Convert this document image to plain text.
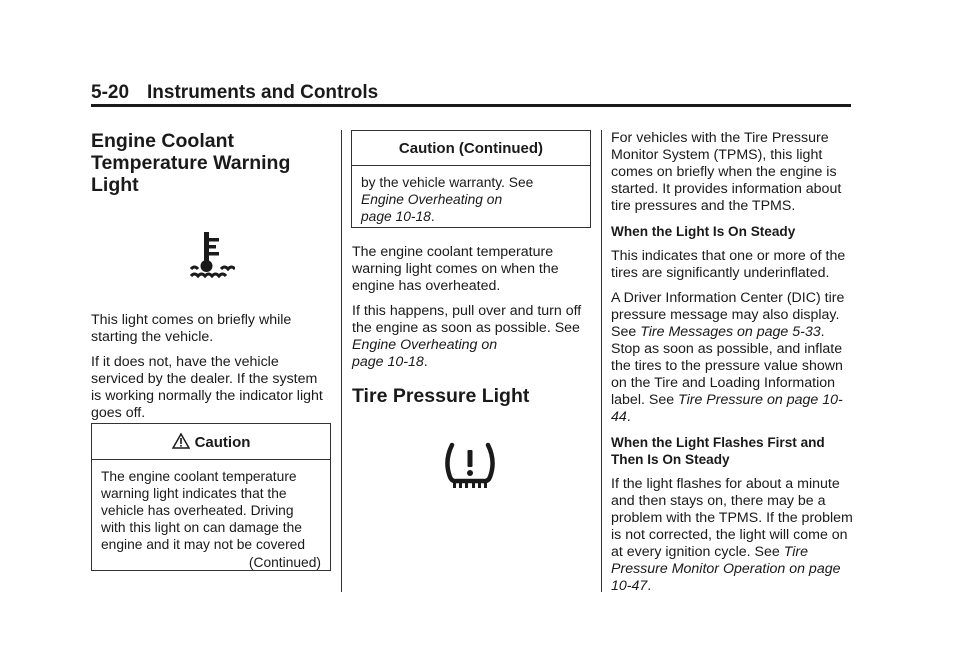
5-20 Instruments and Controls
Engine Coolant
Temperature Warning
Light

This light comes on briefly while starting the vehicle.

If it does not, have the vehicle serviced by the dealer. If the system is working normally the indicator light goes off.

Caution
The engine coolant temperature
warning light indicates that the
vehicle has overheated. Driving
with this light on can damage the
engine and it may not be covered
(Continued)
Caution (Continued)
by the vehicle warranty. See
Engine Overheating on
page 10-18.

The engine coolant temperature warning light comes on when the engine has overheated.

If this happens, pull over and turn off the engine as soon as possible. See Engine Overheating on
page 10-18.

Tire Pressure Light

For vehicles with the Tire Pressure Monitor System (TPMS), this light comes on briefly when the engine is started. It provides information about tire pressures and the TPMS.

When the Light Is On Steady

This indicates that one or more of the tires are significantly underinflated.

A Driver Information Center (DIC) tire pressure message may also display. See Tire Messages on page 5-33. Stop as soon as possible, and inflate the tires to the pressure value shown on the Tire and Loading Information label. See Tire Pressure on page 10-44.

When the Light Flashes First and Then Is On Steady

If the light flashes for about a minute and then stays on, there may be a problem with the TPMS. If the problem is not corrected, the light will come on at every ignition cycle. See Tire Pressure Monitor Operation on page 10-47.
